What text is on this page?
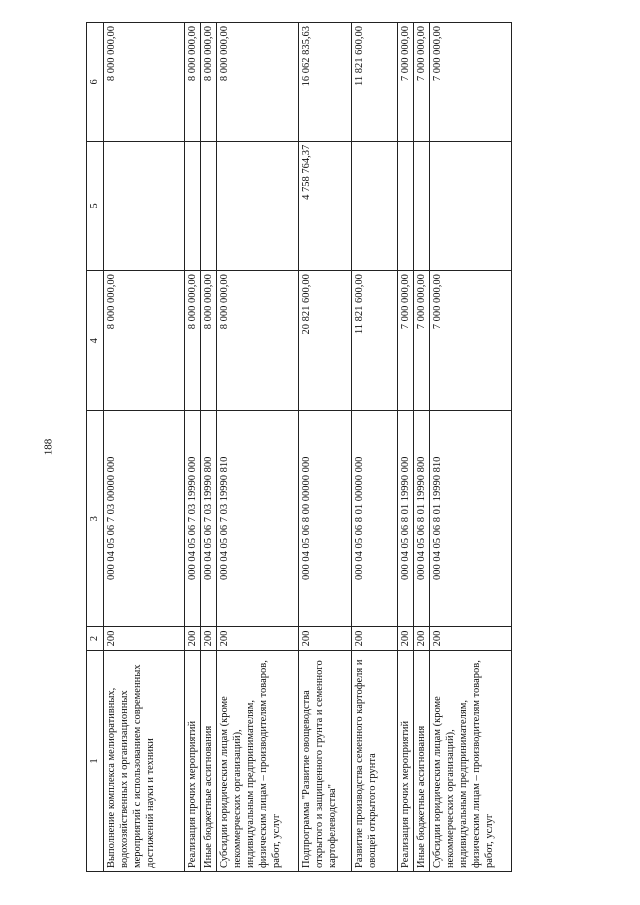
188
1	2	3	4	5	6
Выполнение комплекса мелиоративных, водохозяйственных и организационных мероприятий с использованием современных достижений науки и техники	200	000 04 05 06 7 03 00000 000	8 000 000,00		8 000 000,00
Реализация прочих мероприятий	200	000 04 05 06 7 03 19990 000	8 000 000,00		8 000 000,00
Иные бюджетные ассигнования	200	000 04 05 06 7 03 19990 800	8 000 000,00		8 000 000,00
Субсидии юридическим лицам (кроме некоммерческих организаций), индивидуальным предпринимателям, физическим лицам – производителям товаров, работ, услуг	200	000 04 05 06 7 03 19990 810	8 000 000,00		8 000 000,00
Подпрограмма "Развитие овощеводства открытого и защищенного грунта и семенного картофелеводства"	200	000 04 05 06 8 00 00000 000	20 821 600,00	4 758 764,37	16 062 835,63
Развитие производства семенного картофеля и овощей открытого грунта	200	000 04 05 06 8 01 00000 000	11 821 600,00		11 821 600,00
Реализация прочих мероприятий	200	000 04 05 06 8 01 19990 000	7 000 000,00		7 000 000,00
Иные бюджетные ассигнования	200	000 04 05 06 8 01 19990 800	7 000 000,00		7 000 000,00
Субсидии юридическим лицам (кроме некоммерческих организаций), индивидуальным предпринимателям, физическим лицам – производителям товаров, работ, услуг	200	000 04 05 06 8 01 19990 810	7 000 000,00		7 000 000,00
